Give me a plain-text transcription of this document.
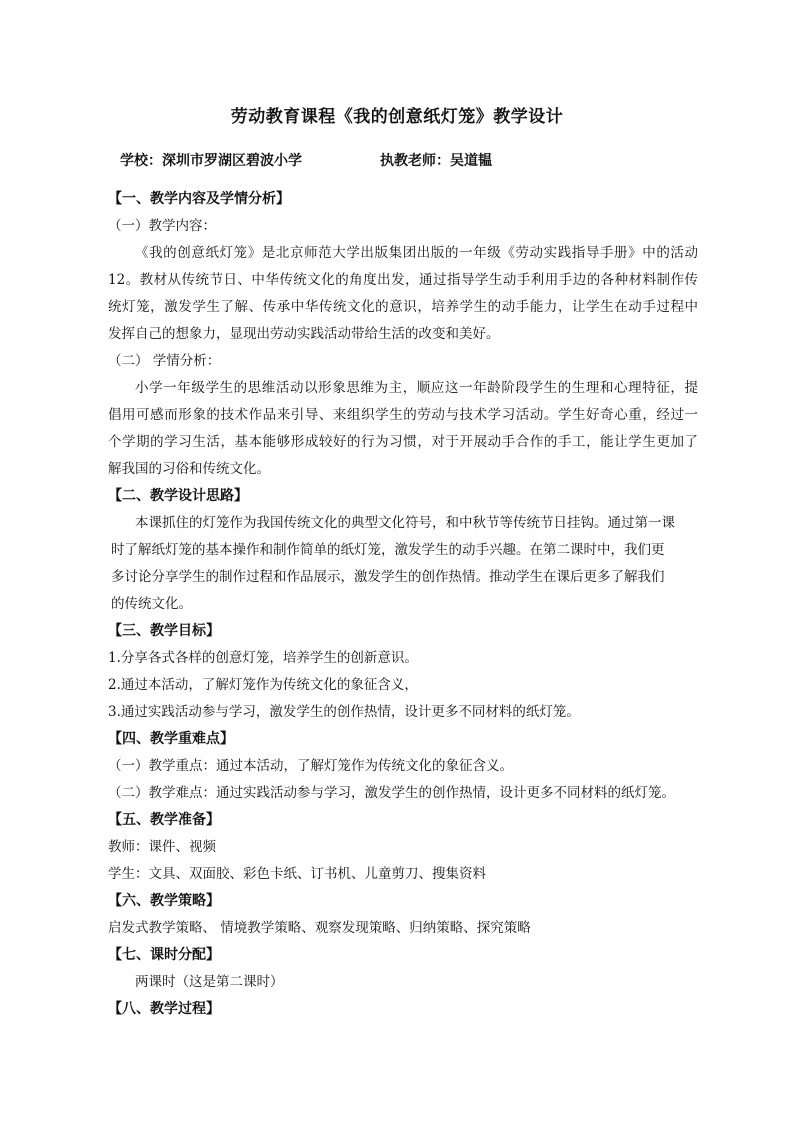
劳动教育课程《我的创意纸灯笼》教学设计
学校：深圳市罗湖区碧波小学	执教老师：吴道韫
【一、教学内容及学情分析】
（一）教学内容：
《我的创意纸灯笼》是北京师范大学出版集团出版的一年级《劳动实践指导手册》中的活动
12。教材从传统节日、中华传统文化的角度出发，通过指导学生动手利用手边的各种材料制作传
统灯笼，激发学生了解、传承中华传统文化的意识，培养学生的动手能力，让学生在动手过程中
发挥自己的想象力，显现出劳动实践活动带给生活的改变和美好。
（二） 学情分析：
小学一年级学生的思维活动以形象思维为主，顺应这一年龄阶段学生的生理和心理特征，提
倡用可感而形象的技术作品来引导、来组织学生的劳动与技术学习活动。学生好奇心重，经过一
个学期的学习生活，基本能够形成较好的行为习惯，对于开展动手合作的手工，能让学生更加了
解我国的习俗和传统文化。
【二、教学设计思路】
本课抓住的灯笼作为我国传统文化的典型文化符号，和中秋节等传统节日挂钩。通过第一课
时了解纸灯笼的基本操作和制作简单的纸灯笼，激发学生的动手兴趣。在第二课时中，我们更
多讨论分享学生的制作过程和作品展示，激发学生的创作热情。推动学生在课后更多了解我们
的传统文化。
【三、教学目标】
1.分享各式各样的创意灯笼，培养学生的创新意识。
2.通过本活动，了解灯笼作为传统文化的象征含义，
3.通过实践活动参与学习，激发学生的创作热情，设计更多不同材料的纸灯笼。
【四、教学重难点】
（一）教学重点：通过本活动，了解灯笼作为传统文化的象征含义。
（二）教学难点：通过实践活动参与学习，激发学生的创作热情，设计更多不同材料的纸灯笼。
【五、教学准备】
教师：课件、视频
学生：文具、双面胶、彩色卡纸、订书机、儿童剪刀、搜集资料
【六、教学策略】
启发式教学策略、 情境教学策略、观察发现策略、归纳策略、探究策略
【七、课时分配】
两课时（这是第二课时）
【八、教学过程】
